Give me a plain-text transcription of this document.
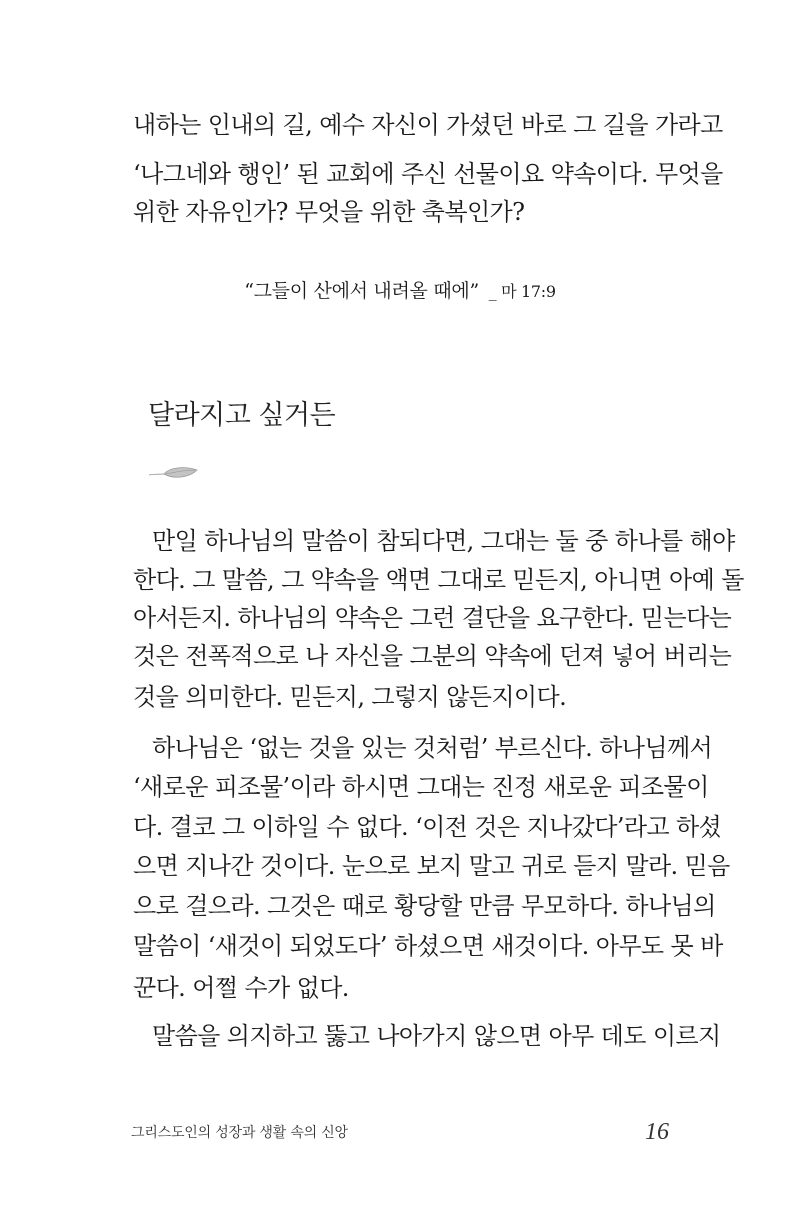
내하는 인내의 길, 예수 자신이 가셨던 바로 그 길을 가라고
‘나그네와 행인’ 된 교회에 주신 선물이요 약속이다. 무엇을
위한 자유인가? 무엇을 위한 축복인가?
“그들이 산에서 내려올 때에” _ 마 17:9
달라지고 싶거든
만일 하나님의 말씀이 참되다면, 그대는 둘 중 하나를 해야
한다. 그 말씀, 그 약속을 액면 그대로 믿든지, 아니면 아예 돌
아서든지. 하나님의 약속은 그런 결단을 요구한다. 믿는다는
것은 전폭적으로 나 자신을 그분의 약속에 던져 넣어 버리는
것을 의미한다. 믿든지, 그렇지 않든지이다.
하나님은 ‘없는 것을 있는 것처럼’ 부르신다. 하나님께서
‘새로운 피조물’이라 하시면 그대는 진정 새로운 피조물이
다. 결코 그 이하일 수 없다. ‘이전 것은 지나갔다’라고 하셨
으면 지나간 것이다. 눈으로 보지 말고 귀로 듣지 말라. 믿음
으로 걸으라. 그것은 때로 황당할 만큼 무모하다. 하나님의
말씀이 ‘새것이 되었도다’ 하셨으면 새것이다. 아무도 못 바
꾼다. 어쩔 수가 없다.
말씀을 의지하고 뚫고 나아가지 않으면 아무 데도 이르지
그리스도인의 성장과 생활 속의 신앙	16
